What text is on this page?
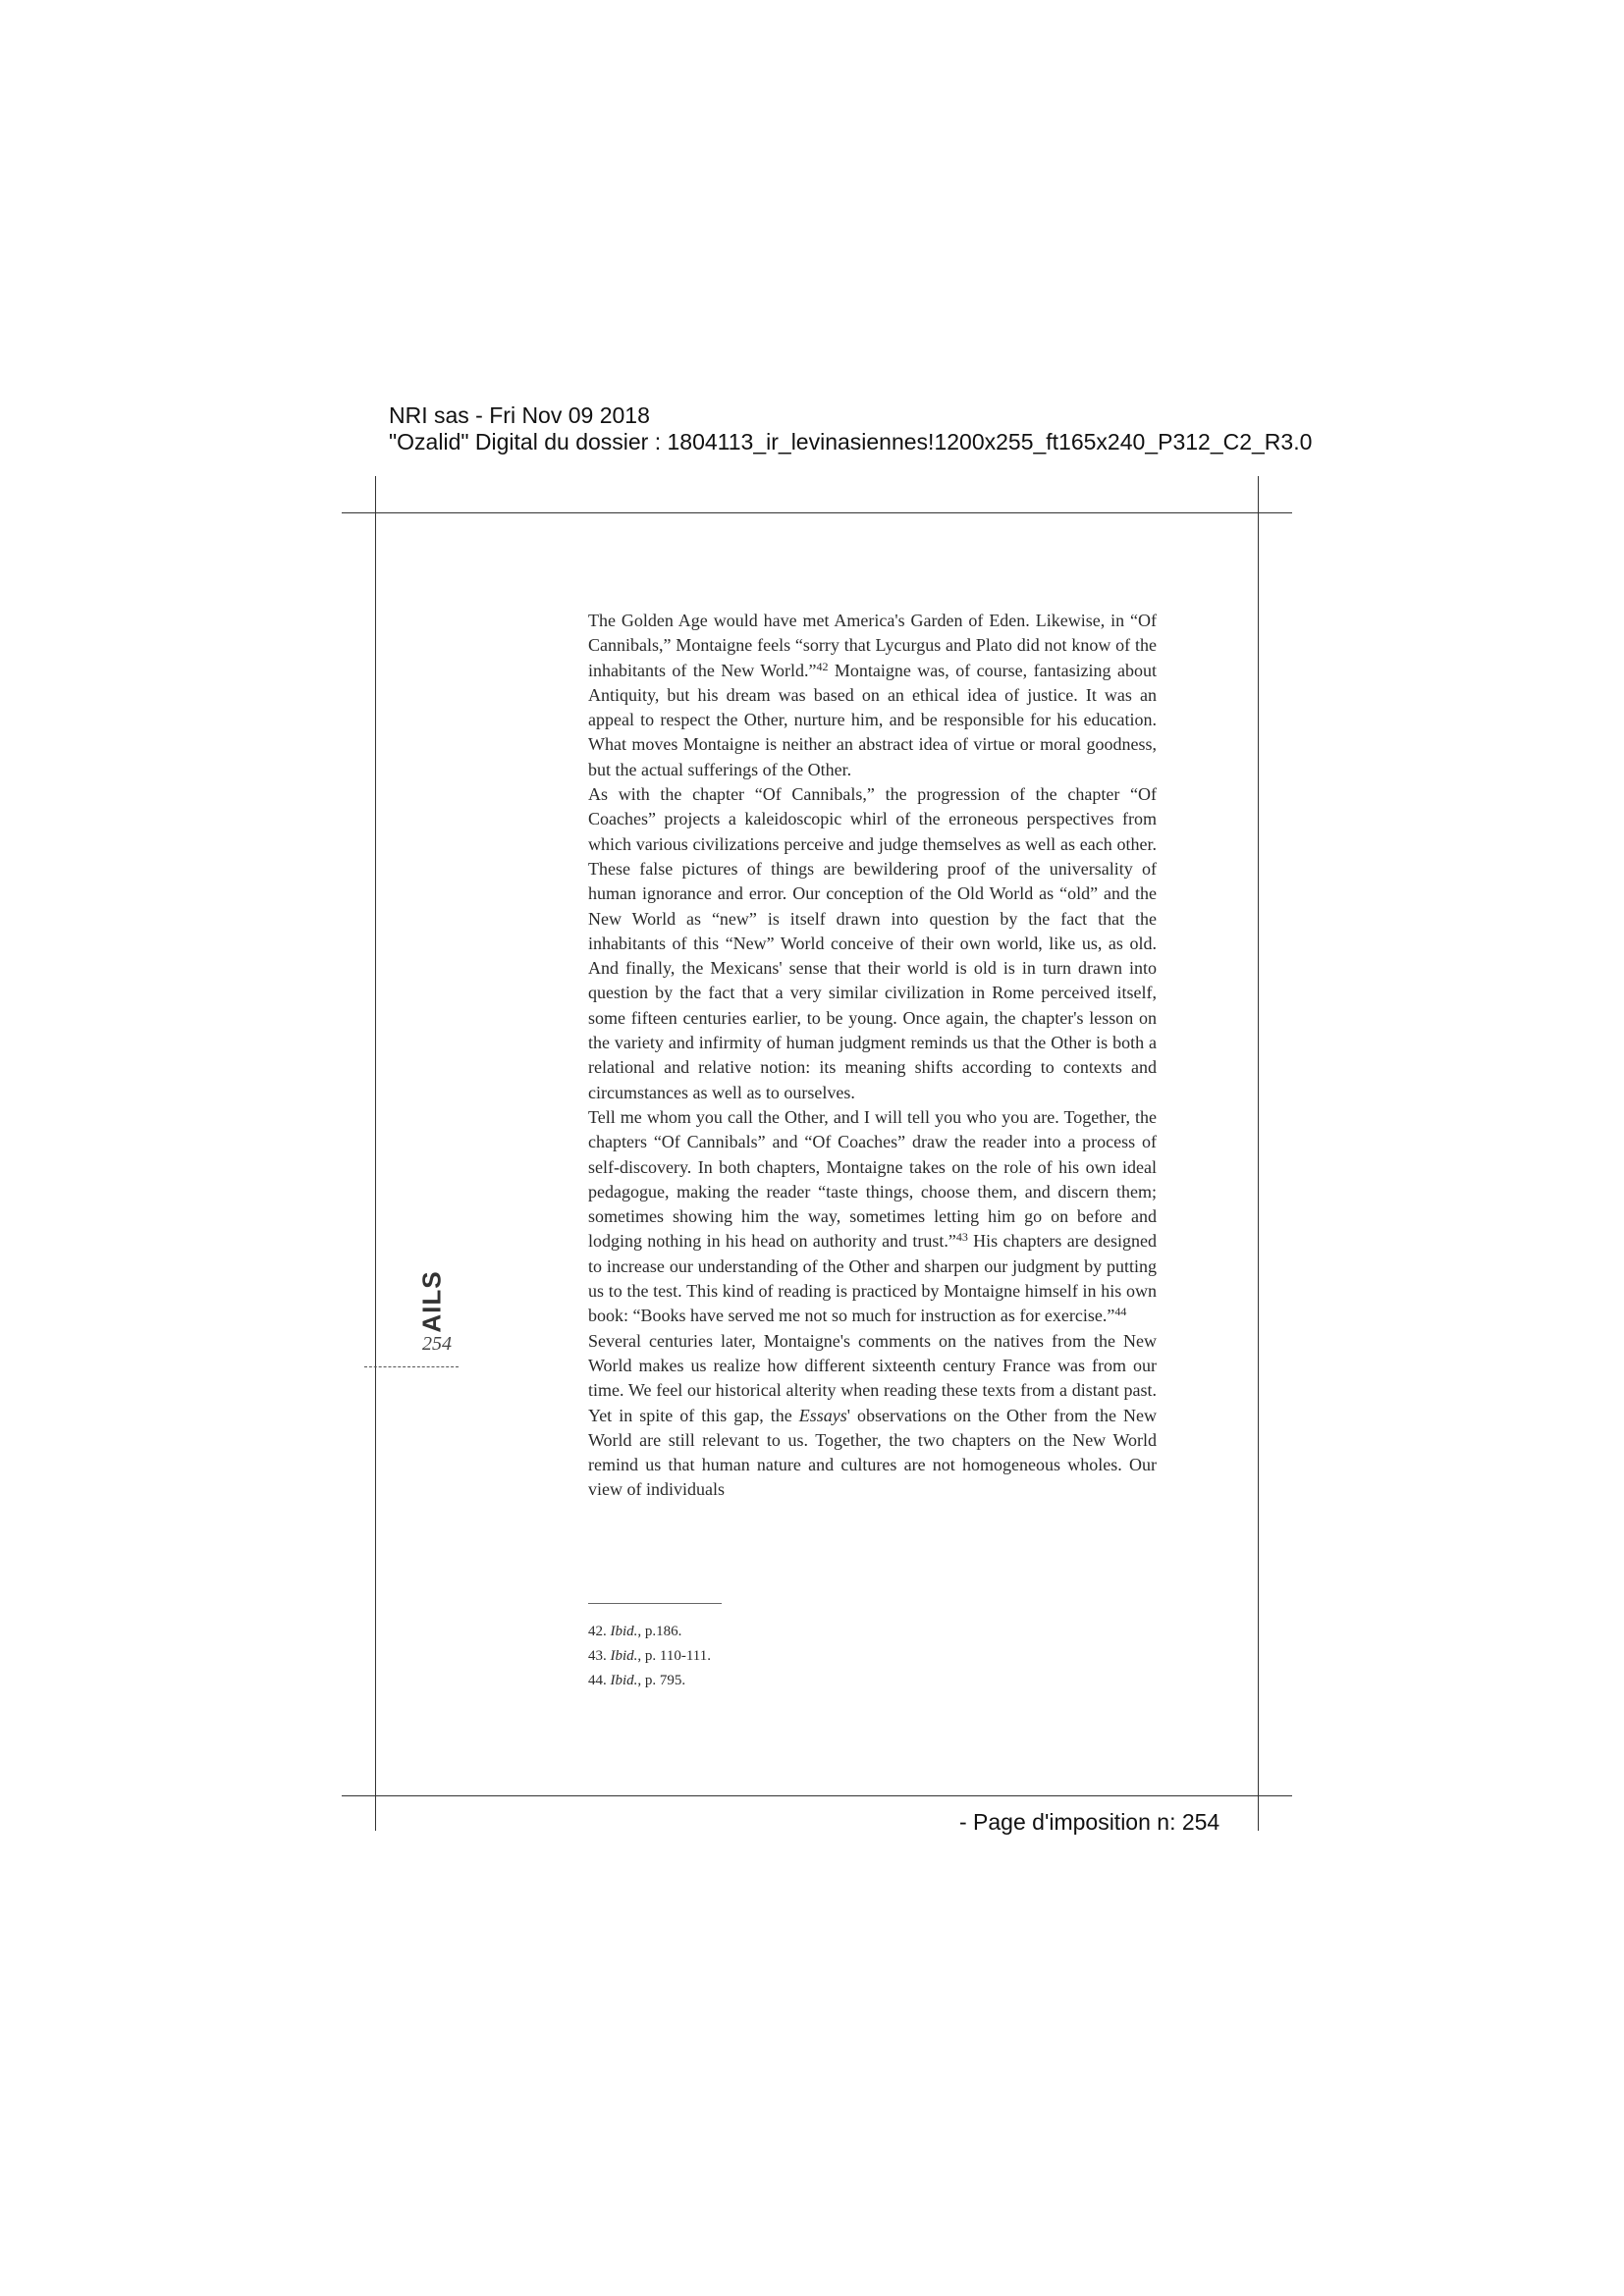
NRI sas - Fri Nov 09 2018
"Ozalid" Digital du dossier : 1804113_ir_levinasiennes!1200x255_ft165x240_P312_C2_R3.0
AILS
254

The Golden Age would have met America's Garden of Eden. Likewise, in “Of Cannibals,” Montaigne feels “sorry that Lycurgus and Plato did not know of the inhabitants of the New World.”$^{42}$ Montaigne was, of course, fantasizing about Antiquity, but his dream was based on an ethical idea of justice. It was an appeal to respect the Other, nurture him, and be responsible for his education. What moves Montaigne is neither an abstract idea of virtue or moral goodness, but the actual sufferings of the Other.

As with the chapter “Of Cannibals,” the progression of the chapter “Of Coaches” projects a kaleidoscopic whirl of the erroneous perspectives from which various civilizations perceive and judge themselves as well as each other. These false pictures of things are bewildering proof of the universality of human ignorance and error. Our conception of the Old World as “old” and the New World as “new” is itself drawn into question by the fact that the inhabitants of this “New” World conceive of their own world, like us, as old. And finally, the Mexicans' sense that their world is old is in turn drawn into question by the fact that a very similar civilization in Rome perceived itself, some fifteen centuries earlier, to be young. Once again, the chapter's lesson on the variety and infirmity of human judgment reminds us that the Other is both a relational and relative notion: its meaning shifts according to contexts and circumstances as well as to ourselves.

Tell me whom you call the Other, and I will tell you who you are. Together, the chapters “Of Cannibals” and “Of Coaches” draw the reader into a process of self-discovery. In both chapters, Montaigne takes on the role of his own ideal pedagogue, making the reader “taste things, choose them, and discern them; sometimes showing him the way, sometimes letting him go on before and lodging nothing in his head on authority and trust.”$^{43}$ His chapters are designed to increase our understanding of the Other and sharpen our judgment by putting us to the test. This kind of reading is practiced by Montaigne himself in his own book: “Books have served me not so much for instruction as for exercise.”$^{44}$

Several centuries later, Montaigne's comments on the natives from the New World makes us realize how different sixteenth century France was from our time. We feel our historical alterity when reading these texts from a distant past. Yet in spite of this gap, the Essays' observations on the Other from the New World are still relevant to us. Together, the two chapters on the New World remind us that human nature and cultures are not homogeneous wholes. Our view of individuals

42. Ibid., p.186.
43. Ibid., p. 110-111.
44. Ibid., p. 795.
- Page d'imposition n: 254
